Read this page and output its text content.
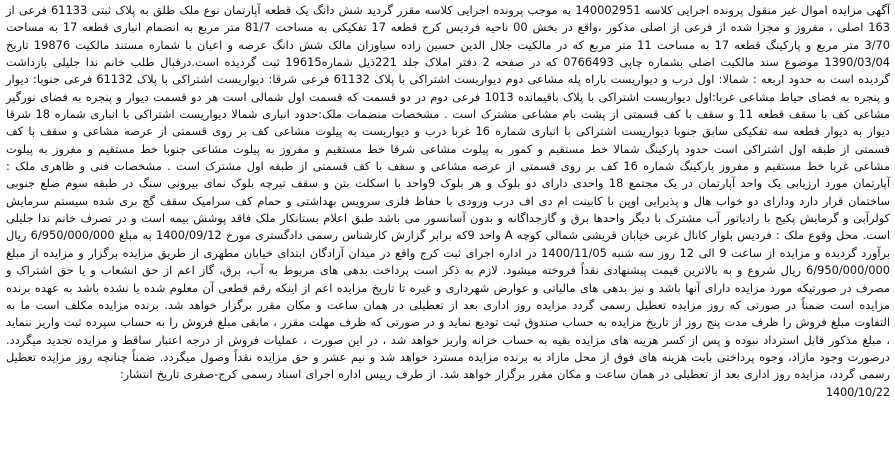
آگهی مزایده اموال غیر منقول پرونده اجرایی کلاسه 140002951 به موجب پرونده اجرایی کلاسه مقرر گردید شش دانگ یک قطعه آپارتمان نوع ملک طلق به پلاک ثبتی 61133 فرعی از 163 اصلی ، مفروز و مجزا شده از فرعی از اصلی مذکور ،واقع در بخش 00 ناحیه فردیس کرج قطعه 17 تفکیکی به مساحت 81/7 متر مربع به انضمام انباری قطعه 17 به مساحت 3/70 متر مربع و پارکینگ قطعه 17 به مساحت 11 متر مربع که در مالکیت جلال الدین حسین زاده سیاوزان مالک شش دانگ عرصه و اعیان با شماره مستند مالکیت 19876 تاریخ 1390/03/04 موضوع سند مالکیت اصلی بشماره چاپی 0766493 که در صفحه 2 دفتر املاک جلد 221ذیل شماره19615 ثبت گردیده است.درقبال طلب خانم ندا جلیلی بازداشت گردیده است به حدود اربعه : شمالا: اول درب و دیواریست باراه پله مشاعی دوم دیواریست اشتراکی با پلاک 61132 فرعی شرقا: دیواریست اشتراکی با پلاک 61132 فرعی جنوبا: دیوار و پنجره به فضای حیاط مشاعی غربا:اول دیواریست اشتراکی با پلاک باقیمانده 1013 فرعی دوم در دو قسمت که قسمت اول شمالی است هر دو قسمت دیوار و پنجره به فضای نورگیر مشاعی کف با سقف قطعه 11 و سقف با کف قسمتی از پشت بام مشاعی مشترک است . مشخصات منضمات ملک:حدود انباری شمالا دیواریست اشتراکی با انباری شماره 18 شرقا دیوار به دیوار قطعه سه تفکیکی سابق جنوبا دیواریست اشتراکی با انباری شماره 16 غربا درب و دیواریست به پیلوت مشاعی کف بر روی قسمتی از عرصه مشاعی و سقف با کف قسمتی از طبقه اول اشتراکی است حدود پارکینگ شمالا خط مستقیم و کمور به پیلوت مشاعی شرقا خط مستقیم و مفروز به پیلوت مشاعی جنوبا خط مستقیم و مفروز به پیلوت مشاعی غربا خط مستقیم و مفروز پارکینگ شماره 16 کف بر روی قسمتی از عرصه مشاعی و سقف با کف قسمتی از طبقه اول مشترک است . مشخصات فنی و ظاهری ملک : آپارتمان مورد ارزیابی یک واحد آپارتمان در یک مجتمع 18 واحدی دارای دو بلوک و هر بلوک 9واحد با اسکلت بتن و سقف تیرچه بلوک نمای بیرونی سنگ در طبقه سوم ضلع جنوبی ساختمان قرار دارد ودارای دو خواب هال و پذیرایی اوپن با کابینت ام دی اف درب ورودی با حفاظ فلزی سرویس بهداشتی و حمام کف سرامیک سقف گچ بری شده سیستم سرمایش کولرآبی و گرمایش پکیج با رادیاتور آب مشترک با دیگر واحدها برق و گازجداگانه و بدون آسانسور می باشد طبق اعلام بستانکار ملک فاقد پوشش بیمه است و در تصرف خانم ندا جلیلی است. محل وقوع ملک : فردیس بلوار کانال غربی خیابان قریشی شمالی کوچه A واحد 9که برابر گزارش کارشناس رسمی دادگستری مورخ 1400/09/12 به مبلغ 6/950/000/000 ریال برآورد گردیده و مزایده از ساعت 9 الی 12 روز سه شنبه 1400/11/05 در اداره اجرای ثبت کرج واقع در میدان آزادگان ابتدای خیابان مطهری از طریق مزایده برگزار و مزایده از مبلغ 6/950/000/000 ریال شروع و به بالاترین قیمت پیشنهادی نقداً فروخته میشود. لازم به ذکر است پرداخت بدهی های مربوط به آب، برق، گاز اعم از حق انشعاب و یا حق اشتراک و مصرف در صورتیکه مورد مزایده دارای آنها باشد و نیز بدهی های مالیاتی و عوارض شهرداری و غیره تا تاریخ مزایده اعم از اینکه رقم قطعی آن معلوم شده یا نشده باشد به عهده برنده مزایده است ضمناً در صورتی که روز مزایده تعطیل رسمی گردد مزایده روز اداری بعد از تعطیلی در همان ساعت و مکان مقرر برگزار خواهد شد. برنده مزایده مکلف است ما به التفاوت مبلغ فروش را ظرف مدت پنج روز از تاریخ مزایده به حساب صندوق ثبت تودیع نماید و در صورتی که ظرف مهلت مقرر ، مابقی مبلغ فروش را به حساب سپرده ثبت واریز ننماید ، مبلغ مذکور قابل استرداد نبوده و پس از کسر هزینه های مزایده بقیه به حساب خزانه واریز خواهد شد ، در این صورت ، عملیات فروش از درجه اعتبار ساقط و مزایده تجدید میگردد. درصورت وجود مازاد، وجوه پرداختی بابت هزینه های فوق از محل مازاد به برنده مزایده مسترد خواهد شد و نیم عشر و حق مزایده نقداً وصول میگردد. ضمناً چنانچه روز مزایده تعطیل رسمی گردد، مزایده روز اداری بعد از تعطیلی در همان ساعت و مکان مقرر برگزار خواهد شد. از طرف رییس اداره اجرای اسناد رسمی کرج-صفری تاریخ انتشار:
1400/10/22
